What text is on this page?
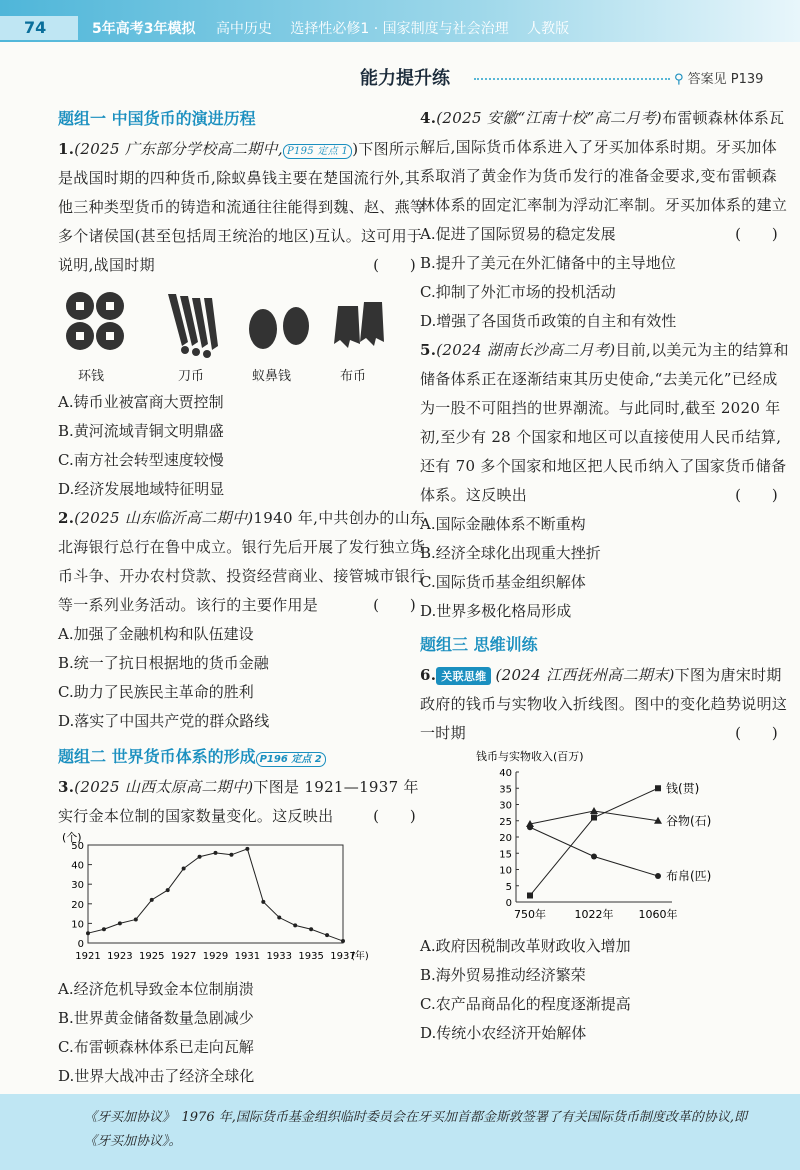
74	5年高考3年模拟 高中历史 选择性必修1 · 国家制度与社会治理 人教版
能力提升练	⚲ 答案见 P139
题组一 中国货币的演进历程
1.(2025 广东部分学校高二期中, P195 定点 1 )下图所示是战国时期的四种货币,除蚁鼻钱主要在楚国流行外,其他三种类型货币的铸造和流通往往能得到魏、赵、燕等多个诸侯国(甚至包括周王统治的地区)互认。这可用于说明,战国时期	(　　)
环钱	刀币	蚁鼻钱	布币
A.铸币业被富商大贾控制
B.黄河流域青铜文明鼎盛
C.南方社会转型速度较慢
D.经济发展地域特征明显
2.(2025 山东临沂高二期中)1940 年,中共创办的山东北海银行总行在鲁中成立。银行先后开展了发行独立货币斗争、开办农村贷款、投资经营商业、接管城市银行等一系列业务活动。该行的主要作用是	(　　)
A.加强了金融机构和队伍建设
B.统一了抗日根据地的货币金融
C.助力了民族民主革命的胜利
D.落实了中国共产党的群众路线
题组二 世界货币体系的形成 P196 定点 2
3.(2025 山西太原高二期中)下图是 1921—1937 年实行金本位制的国家数量变化。这反映出	(　　)
(个)
0
10
20
30
40
50
1921 1923 1925 1927 1929 1931 1933 1935 1937
(年)
A.经济危机导致金本位制崩溃
B.世界黄金储备数量急剧减少
C.布雷顿森林体系已走向瓦解
D.世界大战冲击了经济全球化
4.(2025 安徽“江南十校”高二月考)布雷顿森林体系瓦解后,国际货币体系进入了牙买加体系时期。牙买加体系取消了黄金作为货币发行的准备金要求,变布雷顿森林体系的固定汇率制为浮动汇率制。牙买加体系的建立
(　　)
A.促进了国际贸易的稳定发展
B.提升了美元在外汇储备中的主导地位
C.抑制了外汇市场的投机活动
D.增强了各国货币政策的自主和有效性
5.(2024 湖南长沙高二月考)目前,以美元为主的结算和储备体系正在逐渐结束其历史使命,“去美元化”已经成为一股不可阻挡的世界潮流。与此同时,截至 2020 年初,至少有 28 个国家和地区可以直接使用人民币结算,还有 70 多个国家和地区把人民币纳入了国家货币储备体系。这反映出	(　　)
A.国际金融体系不断重构
B.经济全球化出现重大挫折
C.国际货币基金组织解体
D.世界多极化格局形成
题组三 思维训练
6. 关联思维 (2024 江西抚州高二期末)下图为唐宋时期政府的钱币与实物收入折线图。图中的变化趋势说明这一时期	(　　)
钱币与实物收入(百万)
0
5
10
15
20
25
30
35
40
750年	1022年 1060年
钱(贯)
谷物(石)
布帛(匹)
A.政府因税制改革财政收入增加
B.海外贸易推动经济繁荣
C.农产品商品化的程度逐渐提高
D.传统小农经济开始解体
《牙买加协议》　1976 年,国际货币基金组织临时委员会在牙买加首都金斯敦签署了有关国际货币制度改革的协议,即《牙买加协议》。
